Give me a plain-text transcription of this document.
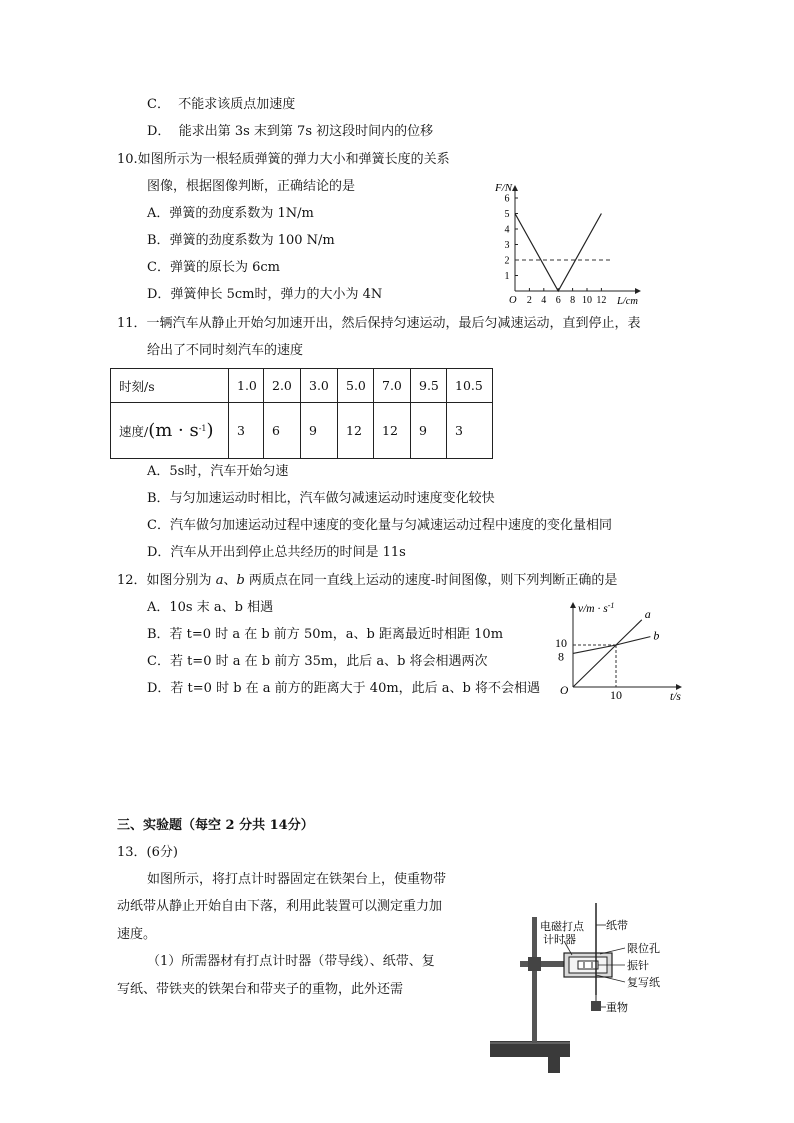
C． 不能求该质点加速度
D． 能求出第 3s 末到第 7s 初这段时间内的位移
10.如图所示为一根轻质弹簧的弹力大小和弹簧长度的关系
图像，根据图像判断，正确结论的是
A．弹簧的劲度系数为 1N/m
B．弹簧的劲度系数为 100 N/m
C．弹簧的原长为 6cm
D．弹簧伸长 5cm时，弹力的大小为 4N
F/N
L/cm
O 2 4 6 8 10 12
1
2
3
4
5
6
11．一辆汽车从静止开始匀加速开出，然后保持匀速运动，最后匀减速运动，直到停止，表
给出了不同时刻汽车的速度
时刻/s	1.0	2.0	3.0	5.0	7.0	9.5	10.5
速度$/(m \cdot s^{-1})$	3	6	9	12	12	9	3
A．5s时，汽车开始匀速
B．与匀加速运动时相比，汽车做匀减速运动时速度变化较快
C．汽车做匀加速运动过程中速度的变化量与匀减速运动过程中速度的变化量相同
D．汽车从开出到停止总共经历的时间是 11s
12．如图分别为 a、b 两质点在同一直线上运动的速度-时间图像，则下列判断正确的是
A．10s 末 a、b 相遇
B．若 t=0 时 a 在 b 前方 50m，a、b 距离最近时相距 10m
C．若 t=0 时 a 在 b 前方 35m，此后 a、b 将会相遇两次
D．若 t=0 时 b 在 a 前方的距离大于 40m，此后 a、b 将不会相遇
$v/m \cdot s^{-1}$
t/s
O
8
10
10
a
b
三、实验题（每空 2 分共 14分）
13．(6分)
如图所示，将打点计时器固定在铁架台上，使重物带
动纸带从静止开始自由下落，利用此装置可以测定重力加
速度。
（1）所需器材有打点计时器（带导线）、纸带、复
写纸、带铁夹的铁架台和带夹子的重物，此外还需
电磁打点
计时器
纸带
限位孔
振针
复写纸
重物
